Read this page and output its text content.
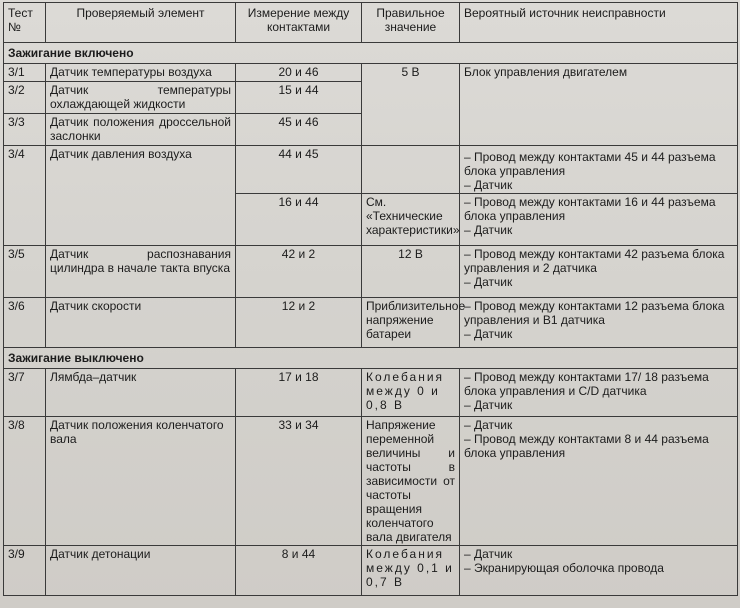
Тест №	Проверяемый элемент	Измерение между контактами	Правильное значение	Вероятный источник неисправности
Зажигание включено				
3/1	Датчик температуры воздуха	20 и 46	5 В	Блок управления двигателем
3/2	Датчик температуры охлаждающей жидкости	15 и 44		
3/3	Датчик положения дроссельной заслонки	45 и 46		
3/4	Датчик давления воздуха	44 и 45		– Провод между контактами 45 и 44 разъема блока управления
– Датчик
		16 и 44	См. «Технические характеристики»	– Провод между контактами 16 и 44 разъема блока управления
– Датчик
3/5	Датчик распознавания цилиндра в начале такта впуска	42 и 2	12 В	– Провод между контактами 42 разъема блока управления и 2 датчика
– Датчик
3/6	Датчик скорости	12 и 2	Приблизительное напряжение батареи	– Провод между контактами 12 разъема блока управления и В1 датчика
– Датчик
Зажигание выключено				
3/7	Лямбда–датчик	17 и 18	Колебания между 0 и 0,8 В	– Провод между контактами 17/ 18 разъема блока управления и C/D датчика
– Датчик
3/8	Датчик положения коленчатого вала	33 и 34	Напряжение переменной величины и частоты в зависимости от частоты вращения коленчатого вала двигателя	– Датчик
– Провод между контактами 8 и 44 разъема блока управления
3/9	Датчик детонации	8 и 44	Колебания между 0,1 и 0,7 В	– Датчик
– Экранирующая оболочка провода
